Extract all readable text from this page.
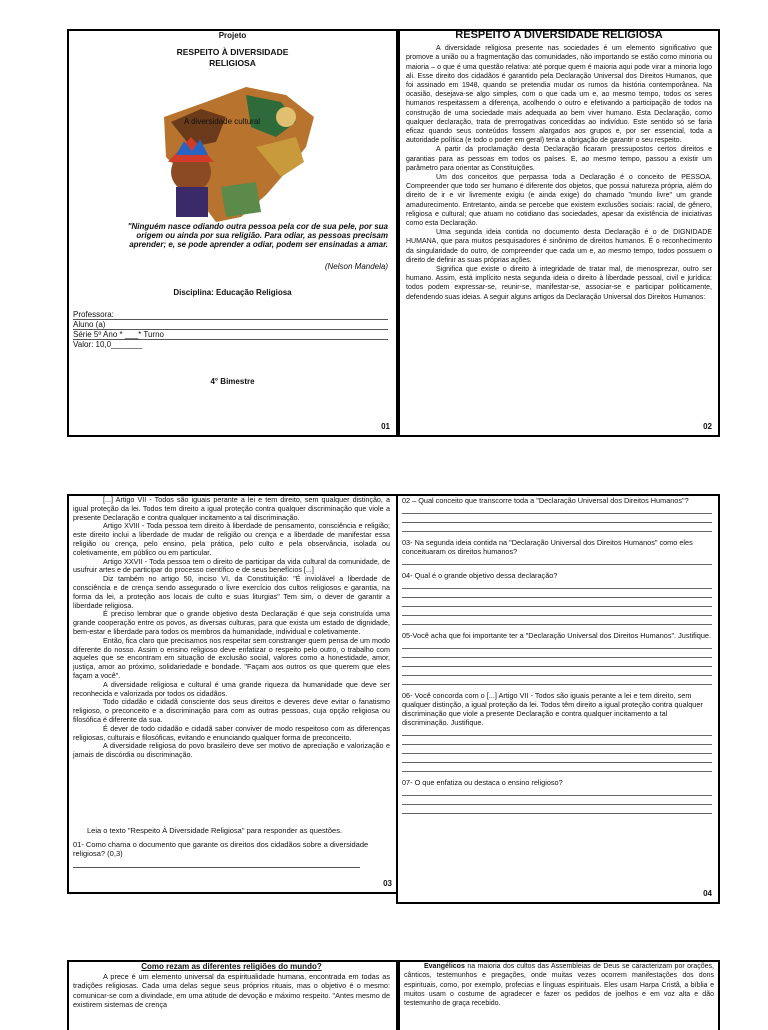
Projeto
RESPEITO À DIVERSIDADE
RELIGIOSA
A diversidade cultural
"Ninguém nasce odiando outra pessoa pela cor de sua pele, por sua origem ou ainda por sua religião. Para odiar, as pessoas precisam aprender; e, se pode aprender a odiar, podem ser ensinadas a amar.
(Nelson Mandela)
Disciplina: Educação Religiosa
Professora:
Aluno (a)
Série 5º Ano * ___* Turno
Valor: 10,0_______
4° Bimestre
01
RESPEITO A DIVERSIDADE RELIGIOSA

A diversidade religiosa presente nas sociedades é um elemento significativo que promove a união ou a fragmentação das comunidades, não importando se estão como minoria ou maioria – o que é uma questão relativa: até porque quem é maioria aqui pode virar a minoria logo ali. Esse direito dos cidadãos é garantido pela Declaração Universal dos Direitos Humanos, que foi assinado em 1948, quando se pretendia mudar os rumos da história contemporânea. Na ocasião, desejava-se algo simples, com o que cada um e, ao mesmo tempo, todos os seres humanos respeitassem a diferença, acolhendo o outro e efetivando a participação de todos na construção de uma sociedade mais adequada ao bem viver humano. Esta Declaração, como qualquer declaração, trata de prerrogativas concedidas ao indivíduo. Este sentido só se faria eficaz quando seus conteúdos fossem alargados aos grupos e, por ser essencial, toda a autoridade política (e todo o poder em geral) teria a obrigação de garantir o seu respeito.

A partir da proclamação desta Declaração ficaram pressupostos certos direitos e garantias para as pessoas em todos os países. E, ao mesmo tempo, passou a existir um parâmetro para orientar as Constituições.

Um dos conceitos que perpassa toda a Declaração é o conceito de PESSOA. Compreender que todo ser humano é diferente dos objetos, que possui natureza própria, além do direito de ir e vir livremente exigiu (e ainda exige) do chamado "mundo livre" um grande amadurecimento. Entretanto, ainda se percebe que existem exclusões sociais: racial, de gênero, religiosa e cultural; que atuam no cotidiano das sociedades, apesar da existência de iniciativas como esta Declaração.

Uma segunda ideia contida no documento desta Declaração é o de DIGNIDADE HUMANA, que para muitos pesquisadores é sinônimo de direitos humanos. É o reconhecimento da singularidade do outro, de compreender que cada um e, ao mesmo tempo, todos possuem o direito de definir as suas próprias ações.

Significa que existe o direito à integridade de tratar mal, de menosprezar, outro ser humano. Assim, está implícito nesta segunda ideia o direito à liberdade pessoal, civil e jurídica: todos podem expressar-se, reunir-se, manifestar-se, associar-se e participar politicamente, defendendo suas ideias. A seguir alguns artigos da Declaração Universal dos Direitos Humanos:

02

[...] Artigo VII - Todos são iguais perante a lei e tem direito, sem qualquer distinção, a igual proteção da lei. Todos tem direito a igual proteção contra qualquer discriminação que viole a presente Declaração e contra qualquer incitamento a tal discriminação.

Artigo XVIII - Toda pessoa tem direito à liberdade de pensamento, consciência e religião; este direito inclui a liberdade de mudar de religião ou crença e a liberdade de manifestar essa religião ou crença, pelo ensino, pela prática, pelo culto e pela observância, isolada ou coletivamente, em público ou em particular.

Artigo XXVII - Toda pessoa tem o direito de participar da vida cultural da comunidade, de usufruir artes e de participar do processo científico e de seus benefícios [...]

Diz também no artigo 50, inciso VI, da Constituição: "É inviolável a liberdade de consciência e de crença sendo assegurado o livre exercício dos cultos religiosos e garantia, na forma da lei, a proteção aos locais de culto e suas liturgias" Tem sim, o dever de garantir a liberdade religiosa.

É preciso lembrar que o grande objetivo desta Declaração é que seja construída uma grande cooperação entre os povos, as diversas culturas, para que exista um estado de dignidade, bem-estar e liberdade para todos os membros da humanidade, individual e coletivamente.

Então, fica claro que precisamos nos respeitar sem constranger quem pensa de um modo diferente do nosso. Assim o ensino religioso deve enfatizar o respeito pelo outro, o trabalho com aqueles que se encontram em situação de exclusão social, valores como a honestidade, amor, justiça, amor ao próximo, solidariedade e bondade. "Façam aos outros os que querem que eles façam a você".

A diversidade religiosa e cultural é uma grande riqueza da humanidade que deve ser reconhecida e valorizada por todos os cidadãos.

Todo cidadão e cidadã consciente dos seus direitos e deveres deve evitar o fanatismo religioso, o preconceito e a discriminação para com as outras pessoas, cuja opção religiosa ou filosófica é diferente da sua.

É dever de todo cidadão e cidadã saber conviver de modo respeitoso com as diferenças religiosas, culturais e filosóficas, evitando e enunciando qualquer forma de preconceito.

A diversidade religiosa do povo brasileiro deve ser motivo de apreciação e valorização e jamais de discórdia ou discriminação.

Leia o texto "Respeito À Diversidade Religiosa" para responder as questões.
01- Como chama o documento que garante os direitos dos cidadãos sobre a diversidade religiosa? (0,3)
03
02 – Qual conceito que transcorre toda a "Declaração Universal dos Direitos Humanos"?
03- Na segunda ideia contida na "Declaração Universal dos Direitos Humanos" como eles conceituaram os direitos humanos?
04- Qual é o grande objetivo dessa declaração?
05-Você acha que foi importante ter a "Declaração Universal dos Direitos Humanos". Justifique.
06- Você concorda com o [...] Artigo VII - Todos são iguais perante a lei e tem direito, sem qualquer distinção, a igual proteção da lei. Todos têm direito a igual proteção contra qualquer discriminação que viole a presente Declaração e contra qualquer incitamento a tal discriminação. Justifique.
07- O que enfatiza ou destaca o ensino religioso?
04
Como rezam as diferentes religiões do mundo?

A prece é um elemento universal da espiritualidade humana, encontrada em todas as tradições religiosas. Cada uma delas segue seus próprios rituais, mas o objetivo é o mesmo: comunicar-se com a divindade, em uma atitude de devoção e máximo respeito. "Antes mesmo de existirem sistemas de crença

Evangélicos na maioria dos cultos das Assembleias de Deus se caracterizam por orações, cânticos, testemunhos e pregações, onde muitas vezes ocorrem manifestações dos dons espirituais, como, por exemplo, profecias e línguas espirituais. Eles usam Harpa Cristã, a bíblia e muitos usam o costume de agradecer e fazer os pedidos de joelhos e em voz alta e dão testemunho de graça recebido.
